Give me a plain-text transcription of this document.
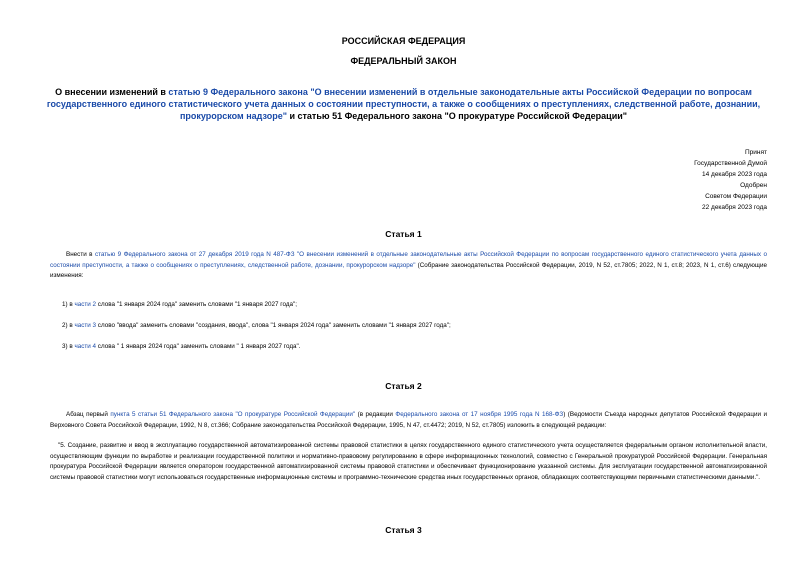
РОССИЙСКАЯ ФЕДЕРАЦИЯ
ФЕДЕРАЛЬНЫЙ ЗАКОН
О внесении изменений в статью 9 Федерального закона "О внесении изменений в отдельные законодательные акты Российской Федерации по вопросам государственного единого статистического учета данных о состоянии преступности, а также о сообщениях о преступлениях, следственной работе, дознании, прокурорском надзоре" и статью 51 Федерального закона "О прокуратуре Российской Федерации"
Принят
Государственной Думой
14 декабря 2023 года
Одобрен
Советом Федерации
22 декабря 2023 года
Статья 1
Внести в статью 9 Федерального закона от 27 декабря 2019 года N 487-ФЗ "О внесении изменений в отдельные законодательные акты Российской Федерации по вопросам государственного единого статистического учета данных о состоянии преступности, а также о сообщениях о преступлениях, следственной работе, дознании, прокурорском надзоре" (Собрание законодательства Российской Федерации, 2019, N 52, ст.7805; 2022, N 1, ст.8; 2023, N 1, ст.6) следующие изменения:
1) в части 2 слова "1 января 2024 года" заменить словами "1 января 2027 года";
2) в части 3 слово "ввода" заменить словами "создания, ввода", слова "1 января 2024 года" заменить словами "1 января 2027 года";
3) в части 4 слова " 1 января 2024 года" заменить словами " 1 января 2027 года".
Статья 2
Абзац первый пункта 5 статьи 51 Федерального закона "О прокуратуре Российской Федерации" (в редакции Федерального закона от 17 ноября 1995 года N 168-ФЗ) (Ведомости Съезда народных депутатов Российской Федерации и Верховного Совета Российской Федерации, 1992, N 8, ст.366; Собрание законодательства Российской Федерации, 1995, N 47, ст.4472; 2019, N 52, ст.7805) изложить в следующей редакции:
"5. Создание, развитие и ввод в эксплуатацию государственной автоматизированной системы правовой статистики в целях государственного единого статистического учета осуществляется федеральным органом исполнительной власти, осуществляющим функции по выработке и реализации государственной политики и нормативно-правовому регулированию в сфере информационных технологий, совместно с Генеральной прокуратурой Российской Федерации. Генеральная прокуратура Российской Федерации является оператором государственной автоматизированной системы правовой статистики и обеспечивает функционирование указанной системы. Для эксплуатации государственной автоматизированной системы правовой статистики могут использоваться государственные информационные системы и программно-технические средства иных государственных органов, обладающих соответствующими первичными статистическими данными.".
Статья 3
